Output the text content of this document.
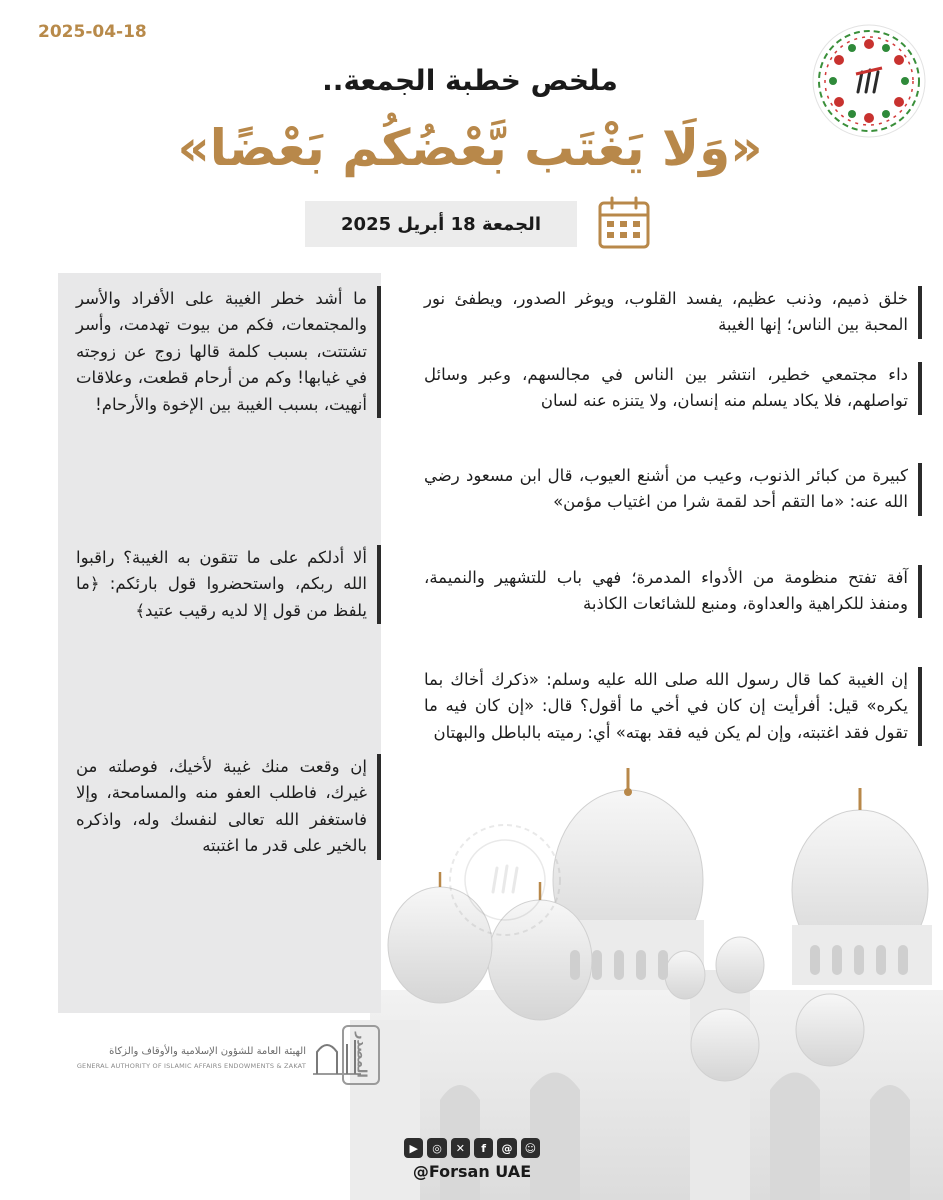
2025-04-18
ملخص خطبة الجمعة..
«وَلَا يَغْتَب بَّعْضُكُم بَعْضًا»
الجمعة 18 أبريل 2025

خلق ذميم، وذنب عظيم، يفسد القلوب، ويوغر الصدور، ويطفئ نور المحبة بين الناس؛ إنها الغيبة

داء مجتمعي خطير، انتشر بين الناس في مجالسهم، وعبر وسائل تواصلهم، فلا يكاد يسلم منه إنسان، ولا يتنزه عنه لسان

كبيرة من كبائر الذنوب، وعيب من أشنع العيوب، قال ابن مسعود رضي الله عنه: «ما التقم أحد لقمة شرا من اغتياب مؤمن»

آفة تفتح منظومة من الأدواء المدمرة؛ فهي باب للتشهير والنميمة، ومنفذ للكراهية والعداوة، ومنبع للشائعات الكاذبة

إن الغيبة كما قال رسول الله صلى الله عليه وسلم: «ذكرك أخاك بما يكره» قيل: أفرأيت إن كان في أخي ما أقول؟ قال: «إن كان فيه ما تقول فقد اغتبته، وإن لم يكن فيه فقد بهته» أي: رميته بالباطل والبهتان

ما أشد خطر الغيبة على الأفراد والأسر والمجتمعات، فكم من بيوت تهدمت، وأسر تشتتت، بسبب كلمة قالها زوج عن زوجته في غيابها! وكم من أرحام قطعت، وعلاقات أنهيت، بسبب الغيبة بين الإخوة والأرحام!

ألا أدلكم على ما تتقون به الغيبة؟ راقبوا الله ربكم، واستحضروا قول بارئكم: ﴿ما يلفظ من قول إلا لديه رقيب عتيد﴾

إن وقعت منك غيبة لأخيك، فوصلته من غيرك، فاطلب العفو منه والمسامحة، وإلا فاستغفر الله تعالى لنفسك وله، واذكره بالخير على قدر ما اغتبته

الهيئة العامة للشؤون الإسلامية والأوقاف والزكاة
GENERAL AUTHORITY OF ISLAMIC AFFAIRS ENDOWMENTS & ZAKAT	المصدر
▶	◎	✕	f	@	☺
@Forsan UAE
